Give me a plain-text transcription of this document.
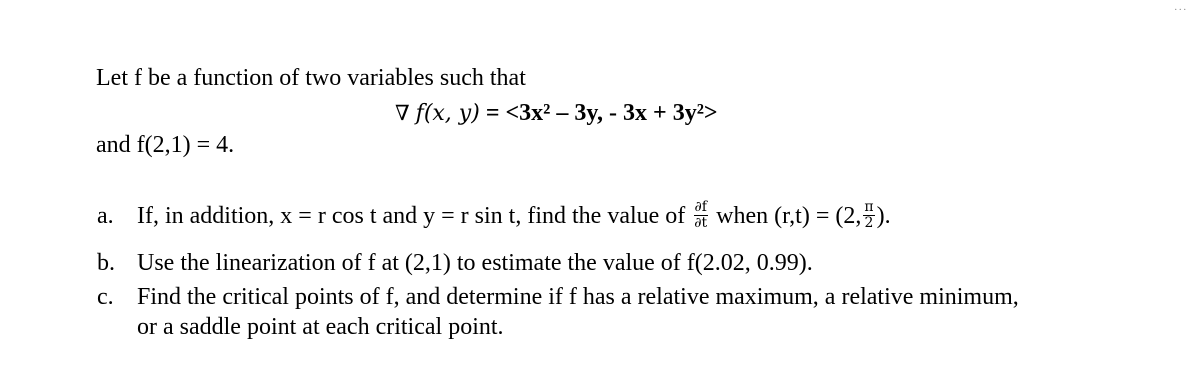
...
Let f be a function of two variables such that
∇ f(x, y) = <3x² – 3y, - 3x + 3y²>
and f(2,1) = 4.
a. If, in addition, x = r cos t and y = r sin t, find the value of $\frac{\partial f}{\partial t}$ when (r,t) = (2, $\frac{\pi}{2}$ ).
b. Use the linearization of f at (2,1) to estimate the value of f(2.02, 0.99).
c. Find the critical points of f, and determine if f has a relative maximum, a relative minimum,
or a saddle point at each critical point.
